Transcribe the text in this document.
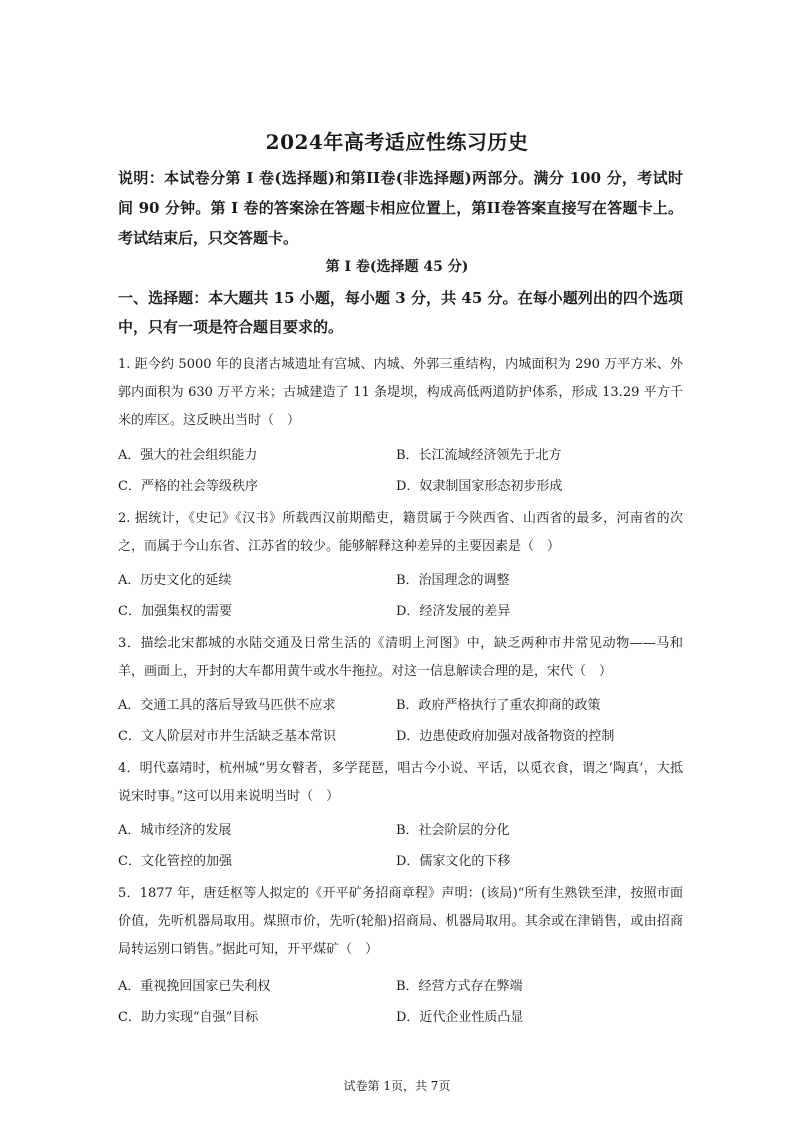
2024年高考适应性练习历史
说明：本试卷分第 I 卷(选择题)和第II卷(非选择题)两部分。满分 100 分，考试时间 90 分钟。第 I 卷的答案涂在答题卡相应位置上，第II卷答案直接写在答题卡上。考试结束后，只交答题卡。
第 I 卷(选择题 45 分)
一、选择题：本大题共 15 小题，每小题 3 分，共 45 分。在每小题列出的四个选项中，只有一项是符合题目要求的。
1. 距今约 5000 年的良渚古城遗址有宫城、内城、外郭三重结构，内城面积为 290 万平方米、外郭内面积为 630 万平方米；古城建造了 11 条堤坝，构成高低两道防护体系，形成 13.29 平方千米的库区。这反映出当时（　）
A．强大的社会组织能力	B．长江流域经济领先于北方
C．严格的社会等级秩序	D．奴隶制国家形态初步形成
2. 据统计，《史记》《汉书》所载西汉前期酷吏，籍贯属于今陕西省、山西省的最多，河南省的次之，而属于今山东省、江苏省的较少。能够解释这种差异的主要因素是（　）
A．历史文化的延续	B．治国理念的调整
C．加强集权的需要	D．经济发展的差异
3．描绘北宋都城的水陆交通及日常生活的《清明上河图》中，缺乏两种市井常见动物——马和羊，画面上，开封的大车都用黄牛或水牛拖拉。对这一信息解读合理的是，宋代（　）
A．交通工具的落后导致马匹供不应求	B．政府严格执行了重农抑商的政策
C．文人阶层对市井生活缺乏基本常识	D．边患使政府加强对战备物资的控制
4．明代嘉靖时，杭州城“男女瞽者，多学琵琶，唱古今小说、平话，以觅衣食，谓之‘陶真’，大抵说宋时事。”这可以用来说明当时（　）
A．城市经济的发展	B．社会阶层的分化
C．文化管控的加强	D．儒家文化的下移
5．1877 年，唐廷枢等人拟定的《开平矿务招商章程》声明：(该局)“所有生熟铁至津，按照市面价值，先听机器局取用。煤照市价，先听(轮船)招商局、机器局取用。其余或在津销售，或由招商局转运别口销售。”据此可知，开平煤矿（　）
A．重视挽回国家已失利权	B．经营方式存在弊端
C．助力实现“自强”目标	D．近代企业性质凸显
试卷第 1页，共 7页
